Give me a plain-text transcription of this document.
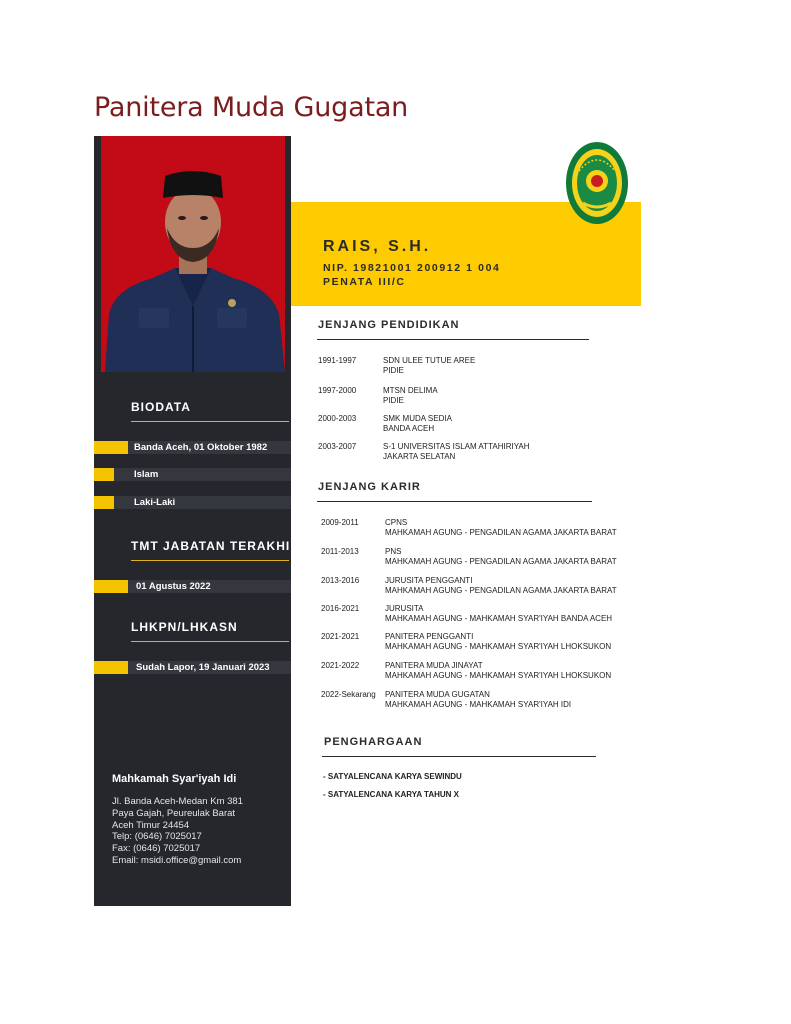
Panitera Muda Gugatan
BIODATA
Banda Aceh, 01 Oktober 1982
Islam
Laki-Laki
TMT JABATAN TERAKHIR
01 Agustus 2022
LHKPN/LHKASN
Sudah Lapor, 19 Januari 2023

Mahkamah Syar'iyah Idi

Jl. Banda Aceh-Medan Km 381
Paya Gajah, Peureulak Barat
Aceh Timur 24454
Telp: (0646) 7025017
Fax: (0646) 7025017
Email: msidi.office@gmail.com
RAIS, S.H.
NIP. 19821001 200912 1 004
PENATA III/C
JENJANG PENDIDIKAN
1991-1997	SDN ULEE TUTUE AREE
PIDIE
1997-2000	MTSN DELIMA
PIDIE
2000-2003	SMK MUDA SEDIA
BANDA ACEH
2003-2007	S-1 UNIVERSITAS ISLAM ATTAHIRIYAH
JAKARTA SELATAN
JENJANG KARIR
2009-2011	CPNS
MAHKAMAH AGUNG - PENGADILAN AGAMA JAKARTA BARAT
2011-2013	PNS
MAHKAMAH AGUNG - PENGADILAN AGAMA JAKARTA BARAT
2013-2016	JURUSITA PENGGANTI
MAHKAMAH AGUNG - PENGADILAN AGAMA JAKARTA BARAT
2016-2021	JURUSITA
MAHKAMAH AGUNG - MAHKAMAH SYAR'IYAH BANDA ACEH
2021-2021	PANITERA PENGGANTI
MAHKAMAH AGUNG - MAHKAMAH SYAR'IYAH LHOKSUKON
2021-2022	PANITERA MUDA JINAYAT
MAHKAMAH AGUNG - MAHKAMAH SYAR'IYAH LHOKSUKON
2022-Sekarang PANITERA MUDA GUGATAN
MAHKAMAH AGUNG - MAHKAMAH SYAR'IYAH IDI
PENGHARGAAN
- SATYALENCANA KARYA SEWINDU
- SATYALENCANA KARYA TAHUN X
